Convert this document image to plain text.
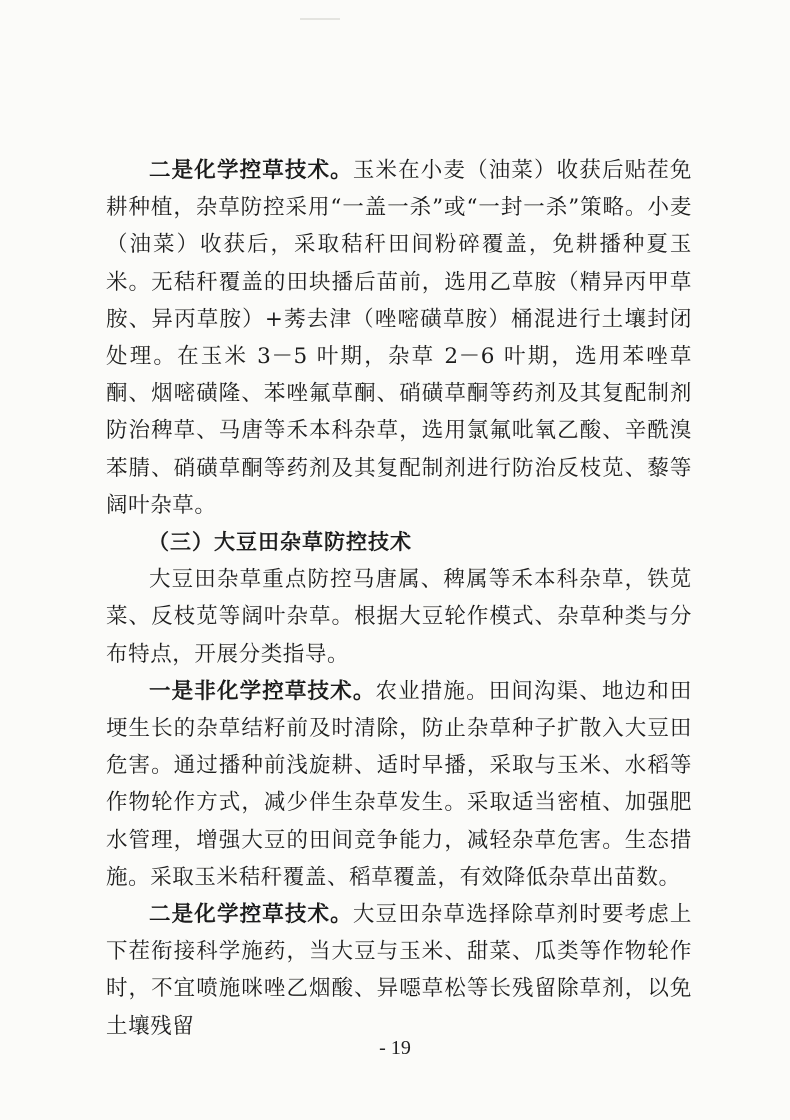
二是化学控草技术。玉米在小麦（油菜）收获后贴茬免耕种植，杂草防控采用“一盖一杀”或“一封一杀”策略。小麦（油菜）收获后，采取秸秆田间粉碎覆盖，免耕播种夏玉米。无秸秆覆盖的田块播后苗前，选用乙草胺（精异丙甲草胺、异丙草胺）+莠去津（唑嘧磺草胺）桶混进行土壤封闭处理。在玉米 3－5 叶期，杂草 2－6 叶期，选用苯唑草酮、烟嘧磺隆、苯唑氟草酮、硝磺草酮等药剂及其复配制剂防治稗草、马唐等禾本科杂草，选用氯氟吡氧乙酸、辛酰溴苯腈、硝磺草酮等药剂及其复配制剂进行防治反枝苋、藜等阔叶杂草。

（三）大豆田杂草防控技术

大豆田杂草重点防控马唐属、稗属等禾本科杂草，铁苋菜、反枝苋等阔叶杂草。根据大豆轮作模式、杂草种类与分布特点，开展分类指导。

一是非化学控草技术。农业措施。田间沟渠、地边和田埂生长的杂草结籽前及时清除，防止杂草种子扩散入大豆田危害。通过播种前浅旋耕、适时早播，采取与玉米、水稻等作物轮作方式，减少伴生杂草发生。采取适当密植、加强肥水管理，增强大豆的田间竞争能力，减轻杂草危害。生态措施。采取玉米秸秆覆盖、稻草覆盖，有效降低杂草出苗数。

二是化学控草技术。大豆田杂草选择除草剂时要考虑上下茬衔接科学施药，当大豆与玉米、甜菜、瓜类等作物轮作时，不宜喷施咪唑乙烟酸、异噁草松等长残留除草剂，以免土壤残留

- 19
